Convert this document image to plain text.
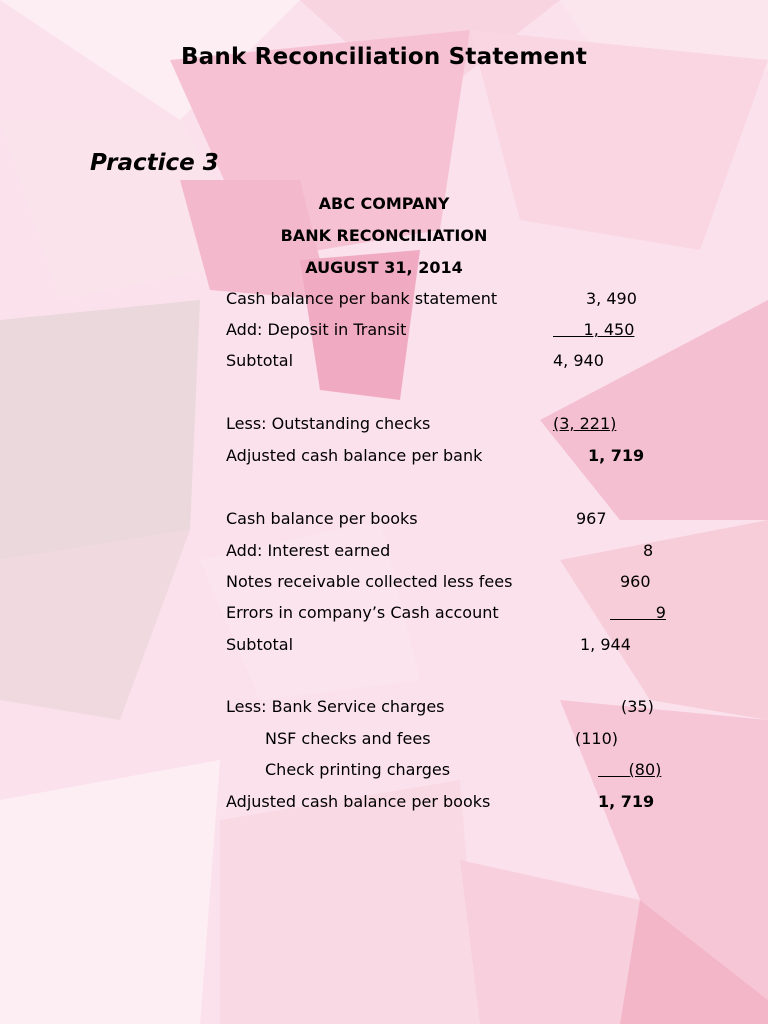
Bank Reconciliation Statement
Practice 3
ABC COMPANY
BANK RECONCILIATION
AUGUST 31, 2014
Cash balance per bank statement	3, 490
Add: Deposit in Transit	1, 450
Subtotal	4, 940
Less: Outstanding checks	(3, 221)
Adjusted cash balance per bank	1, 719
Cash balance per books	967
Add: Interest earned	8
Notes receivable collected less fees	960
Errors in company’s Cash account	9
Subtotal	1, 944
Less: Bank Service charges	(35)
NSF checks and fees	(110)
Check printing charges	(80)
Adjusted cash balance per books	1, 719
